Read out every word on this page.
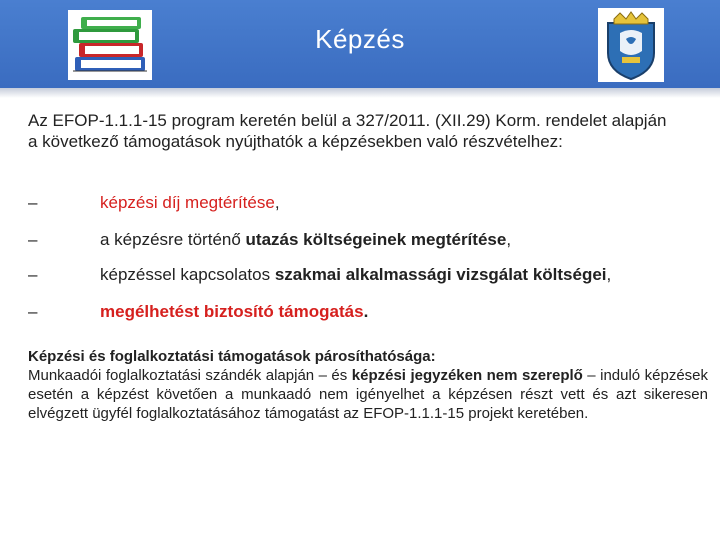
Képzés
Az EFOP-1.1.1-15 program keretén belül a 327/2011. (XII.29) Korm. rendelet alapján a következő támogatások nyújthatók a képzésekben való részvételhez:
–	képzési díj megtérítése,
–	a képzésre történő utazás költségeinek megtérítése,
–	képzéssel kapcsolatos szakmai alkalmassági vizsgálat költségei,
–	megélhetést biztosító támogatás.
Képzési és foglalkoztatási támogatások párosíthatósága:
Munkaadói foglalkoztatási szándék alapján – és képzési jegyzéken nem szereplő – induló képzések esetén a képzést követően a munkaadó nem igényelhet a képzésen részt vett és azt sikeresen elvégzett ügyfél foglalkoztatásához támogatást az EFOP-1.1.1-15 projekt keretében.
